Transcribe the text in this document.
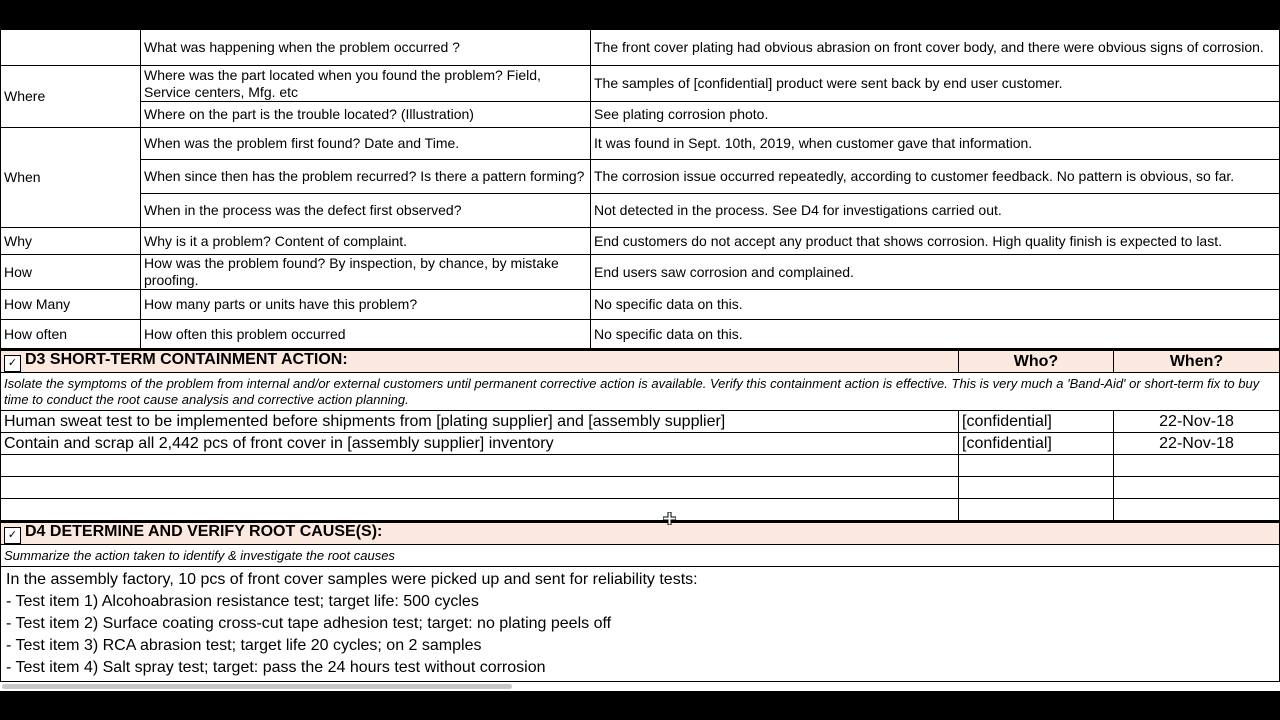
	What was happening when the problem occurred ?	The front cover plating had obvious abrasion on front cover body, and there were obvious signs of corrosion.
Where	Where was the part located when you found the problem? Field, Service centers, Mfg. etc	The samples of [confidential] product were sent back by end user customer.
	Where on the part is the trouble located? (Illustration)	See plating corrosion photo.
When	When was the problem first found? Date and Time.	It was found in Sept. 10th, 2019, when customer gave that information.
	When since then has the problem recurred? Is there a pattern forming?	The corrosion issue occurred repeatedly, according to customer feedback. No pattern is obvious, so far.
	When in the process was the defect first observed?	Not detected in the process. See D4 for investigations carried out.
Why	Why is it a problem? Content of complaint.	End customers do not accept any product that shows corrosion. High quality finish is expected to last.
How	How was the problem found? By inspection, by chance, by mistake proofing.	End users saw corrosion and complained.
How Many	How many parts or units have this problem?	No specific data on this.
How often	How often this problem occurred	No specific data on this.
✓ D3 SHORT-TERM CONTAINMENT ACTION:	Who?	When?
Isolate the symptoms of the problem from internal and/or external customers until permanent corrective action is available. Verify this containment action is effective. This is very much a 'Band-Aid' or short-term fix to buy time to conduct the root cause analysis and corrective action planning.		
Human sweat test to be implemented before shipments from [plating supplier] and [assembly supplier]	[confidential]	22-Nov-18
Contain and scrap all 2,442 pcs of front cover in [assembly supplier] inventory	[confidential]	22-Nov-18

✓ D4 DETERMINE AND VERIFY ROOT CAUSE(S):
Summarize the action taken to identify & investigate the root causes

In the assembly factory, 10 pcs of front cover samples were picked up and sent for reliability tests:
- Test item 1) Alcohoabrasion resistance test; target life: 500 cycles
- Test item 2) Surface coating cross-cut tape adhesion test; target: no plating peels off
- Test item 3) RCA abrasion test; target life 20 cycles; on 2 samples
- Test item 4) Salt spray test; target: pass the 24 hours test without corrosion
